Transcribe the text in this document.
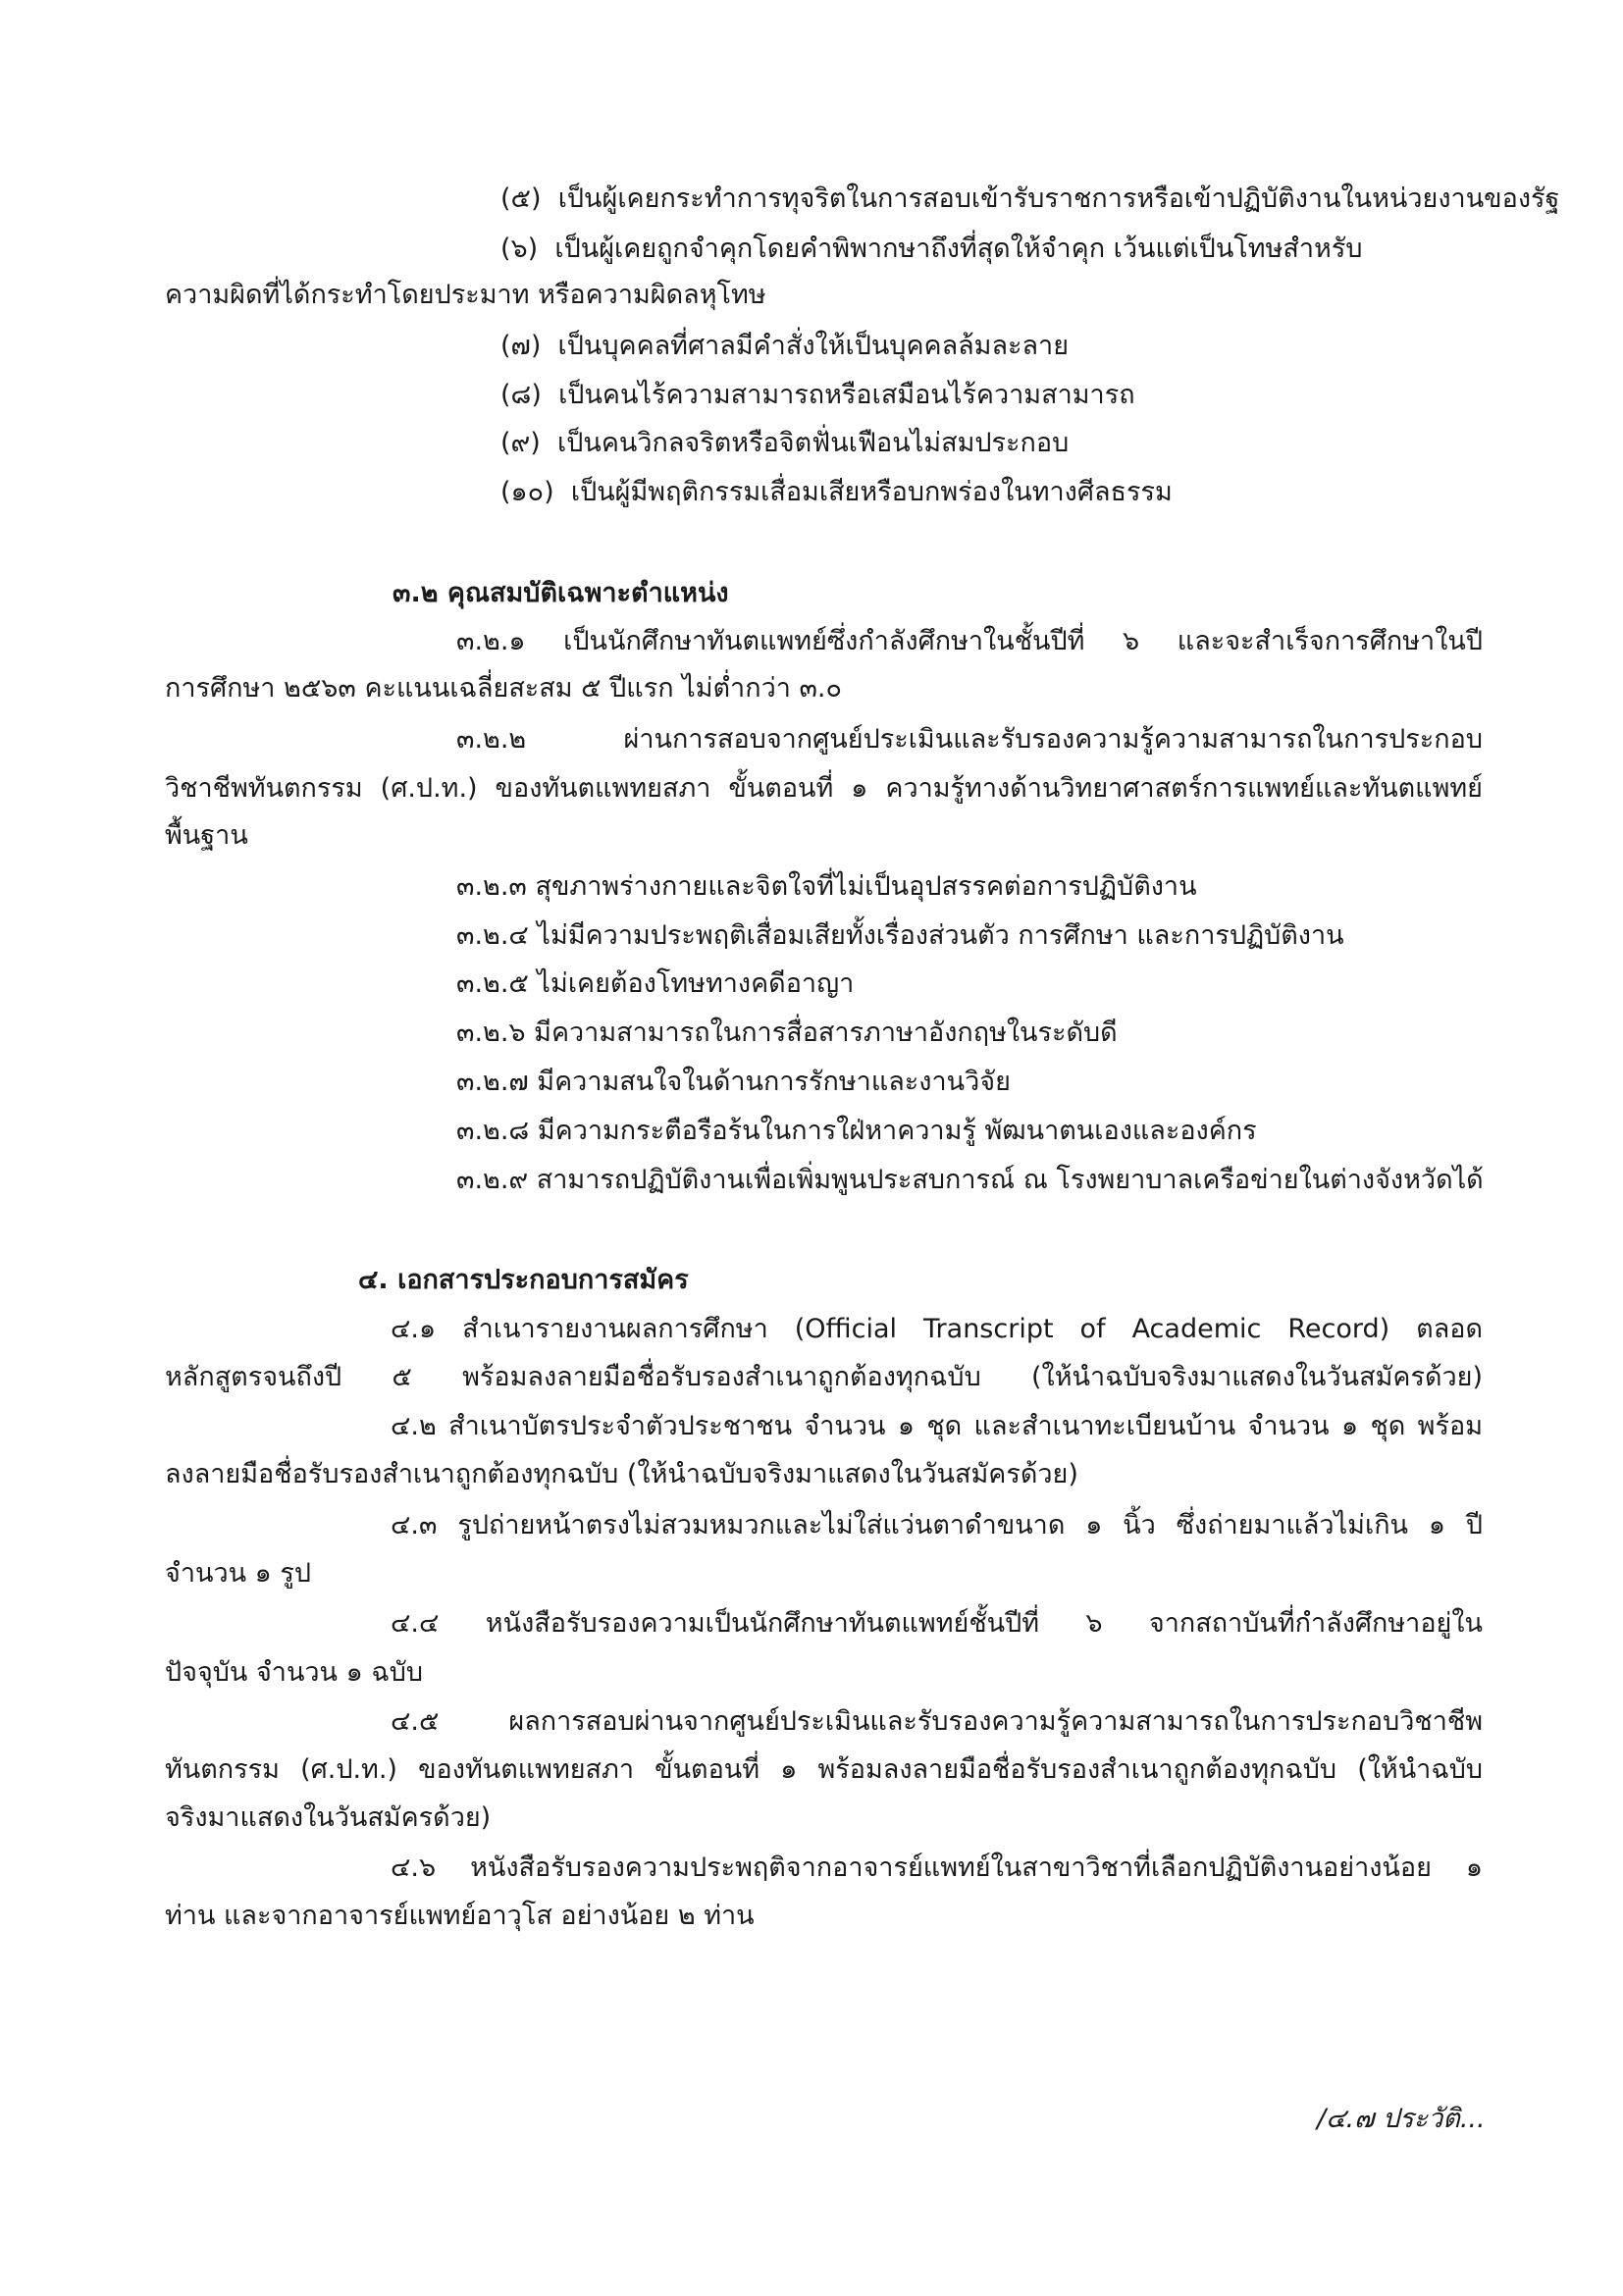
(๕) เป็นผู้เคยกระทำการทุจริตในการสอบเข้ารับราชการหรือเข้าปฏิบัติงานในหน่วยงานของรัฐ
(๖) เป็นผู้เคยถูกจำคุกโดยคำพิพากษาถึงที่สุดให้จำคุก เว้นแต่เป็นโทษสำหรับ
ความผิดที่ได้กระทำโดยประมาท หรือความผิดลหุโทษ
(๗) เป็นบุคคลที่ศาลมีคำสั่งให้เป็นบุคคลล้มละลาย
(๘) เป็นคนไร้ความสามารถหรือเสมือนไร้ความสามารถ
(๙) เป็นคนวิกลจริตหรือจิตฟั่นเฟือนไม่สมประกอบ
(๑๐) เป็นผู้มีพฤติกรรมเสื่อมเสียหรือบกพร่องในทางศีลธรรม
๓.๒ คุณสมบัติเฉพาะตำแหน่ง
๓.๒.๑ เป็นนักศึกษาทันตแพทย์ซึ่งกำลังศึกษาในชั้นปีที่ ๖ และจะสำเร็จการศึกษาในปี
การศึกษา ๒๕๖๓ คะแนนเฉลี่ยสะสม ๕ ปีแรก ไม่ต่ำกว่า ๓.๐
๓.๒.๒ ผ่านการสอบจากศูนย์ประเมินและรับรองความรู้ความสามารถในการประกอบ
วิชาชีพทันตกรรม (ศ.ป.ท.) ของทันตแพทยสภา ขั้นตอนที่ ๑ ความรู้ทางด้านวิทยาศาสตร์การแพทย์และทันตแพทย์
พื้นฐาน
๓.๒.๓ สุขภาพร่างกายและจิตใจที่ไม่เป็นอุปสรรคต่อการปฏิบัติงาน
๓.๒.๔ ไม่มีความประพฤติเสื่อมเสียทั้งเรื่องส่วนตัว การศึกษา และการปฏิบัติงาน
๓.๒.๕ ไม่เคยต้องโทษทางคดีอาญา
๓.๒.๖ มีความสามารถในการสื่อสารภาษาอังกฤษในระดับดี
๓.๒.๗ มีความสนใจในด้านการรักษาและงานวิจัย
๓.๒.๘ มีความกระตือรือร้นในการใฝ่หาความรู้ พัฒนาตนเองและองค์กร
๓.๒.๙ สามารถปฏิบัติงานเพื่อเพิ่มพูนประสบการณ์ ณ โรงพยาบาลเครือข่ายในต่างจังหวัดได้
๔. เอกสารประกอบการสมัคร
๔.๑ สำเนารายงานผลการศึกษา (Official Transcript of Academic Record) ตลอด
หลักสูตรจนถึงปี ๕ พร้อมลงลายมือชื่อรับรองสำเนาถูกต้องทุกฉบับ (ให้นำฉบับจริงมาแสดงในวันสมัครด้วย)
๔.๒ สำเนาบัตรประจำตัวประชาชน จำนวน ๑ ชุด และสำเนาทะเบียนบ้าน จำนวน ๑ ชุด พร้อม
ลงลายมือชื่อรับรองสำเนาถูกต้องทุกฉบับ (ให้นำฉบับจริงมาแสดงในวันสมัครด้วย)
๔.๓ รูปถ่ายหน้าตรงไม่สวมหมวกและไม่ใส่แว่นตาดำขนาด ๑ นิ้ว ซึ่งถ่ายมาแล้วไม่เกิน ๑ ปี
จำนวน ๑ รูป
๔.๔ หนังสือรับรองความเป็นนักศึกษาทันตแพทย์ชั้นปีที่ ๖ จากสถาบันที่กำลังศึกษาอยู่ใน
ปัจจุบัน จำนวน ๑ ฉบับ
๔.๕ ผลการสอบผ่านจากศูนย์ประเมินและรับรองความรู้ความสามารถในการประกอบวิชาชีพ
ทันตกรรม (ศ.ป.ท.) ของทันตแพทยสภา ขั้นตอนที่ ๑ พร้อมลงลายมือชื่อรับรองสำเนาถูกต้องทุกฉบับ (ให้นำฉบับ
จริงมาแสดงในวันสมัครด้วย)
๔.๖ หนังสือรับรองความประพฤติจากอาจารย์แพทย์ในสาขาวิชาที่เลือกปฏิบัติงานอย่างน้อย ๑
ท่าน และจากอาจารย์แพทย์อาวุโส อย่างน้อย ๒ ท่าน
/๔.๗ ประวัติ...
